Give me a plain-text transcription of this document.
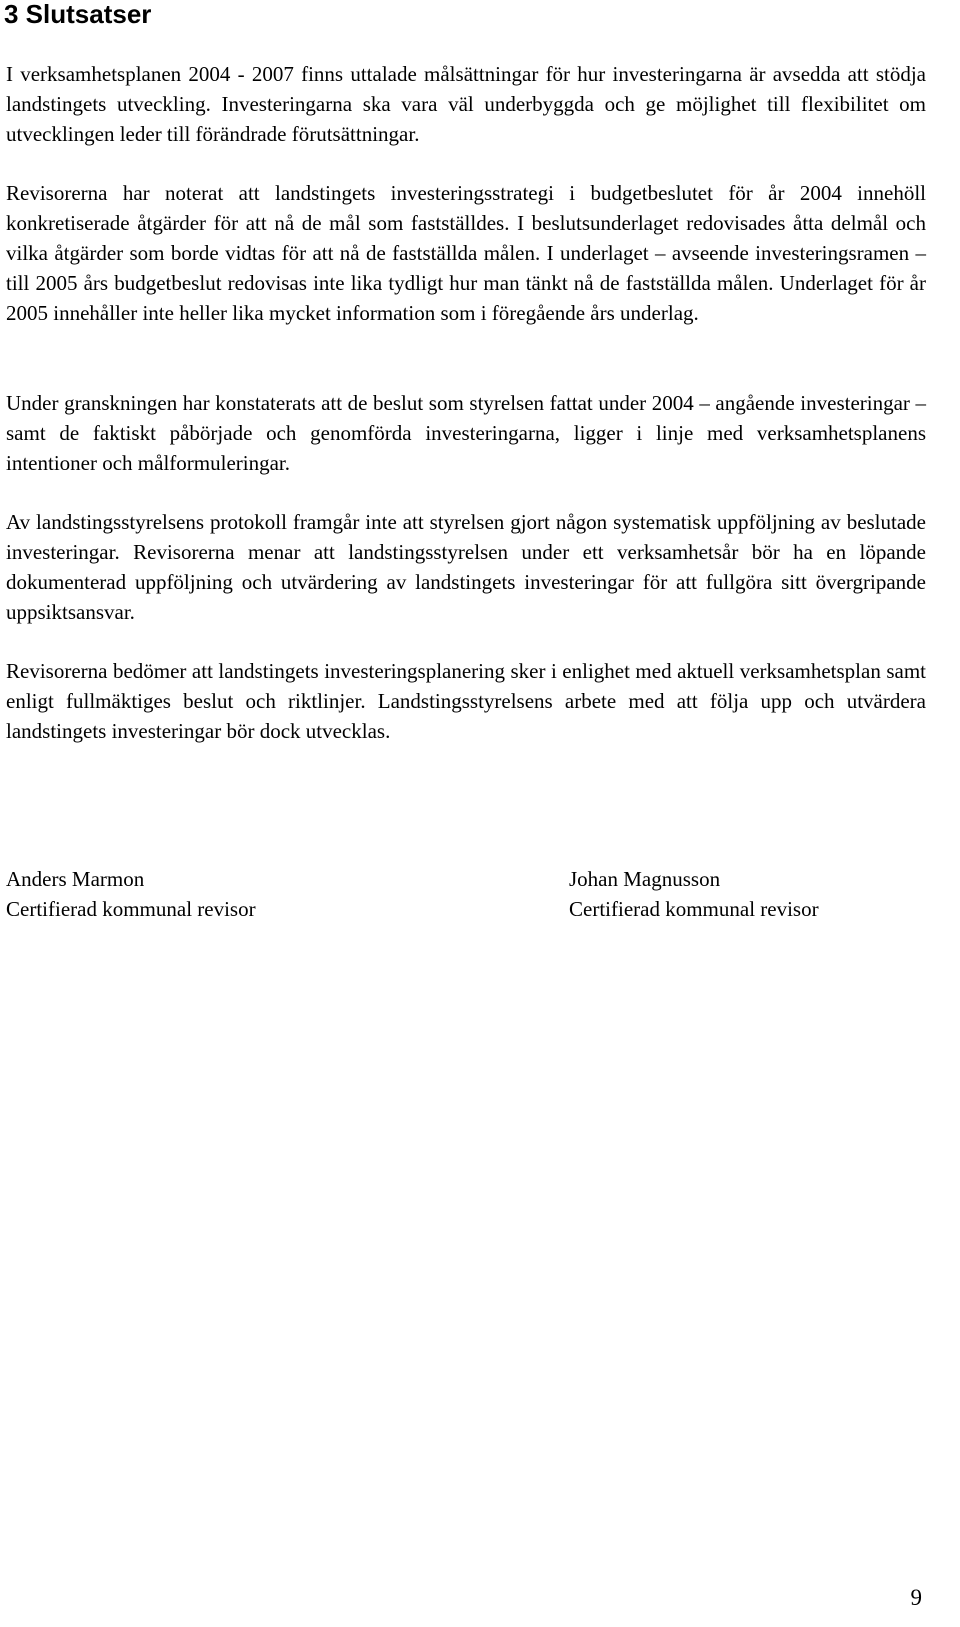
3 Slutsatser

I verksamhetsplanen 2004 - 2007 finns uttalade målsättningar för hur investeringarna är avsedda att stödja landstingets utveckling. Investeringarna ska vara väl underbyggda och ge möjlighet till flexibilitet om utvecklingen leder till förändrade förutsättningar.

Revisorerna har noterat att landstingets investeringsstrategi i budgetbeslutet för år 2004 innehöll konkretiserade åtgärder för att nå de mål som fastställdes. I beslutsunderlaget redovisades åtta delmål och vilka åtgärder som borde vidtas för att nå de fastställda målen. I underlaget – avseende investeringsramen – till 2005 års budgetbeslut redovisas inte lika tydligt hur man tänkt nå de fastställda målen. Underlaget för år 2005 innehåller inte heller lika mycket information som i föregående års underlag.

Under granskningen har konstaterats att de beslut som styrelsen fattat under 2004 – angående investeringar – samt de faktiskt påbörjade och genomförda investeringarna, ligger i linje med verksamhetsplanens intentioner och målformuleringar.

Av landstingsstyrelsens protokoll framgår inte att styrelsen gjort någon systematisk uppföljning av beslutade investeringar. Revisorerna menar att landstingsstyrelsen under ett verksamhetsår bör ha en löpande dokumenterad uppföljning och utvärdering av landstingets investeringar för att fullgöra sitt övergripande uppsiktsansvar.

Revisorerna bedömer att landstingets investeringsplanering sker i enlighet med aktuell verksamhetsplan samt enligt fullmäktiges beslut och riktlinjer. Landstingsstyrelsens arbete med att följa upp och utvärdera landstingets investeringar bör dock utvecklas.

Anders Marmon
Certifierad kommunal revisor
Johan Magnusson
Certifierad kommunal revisor
9
